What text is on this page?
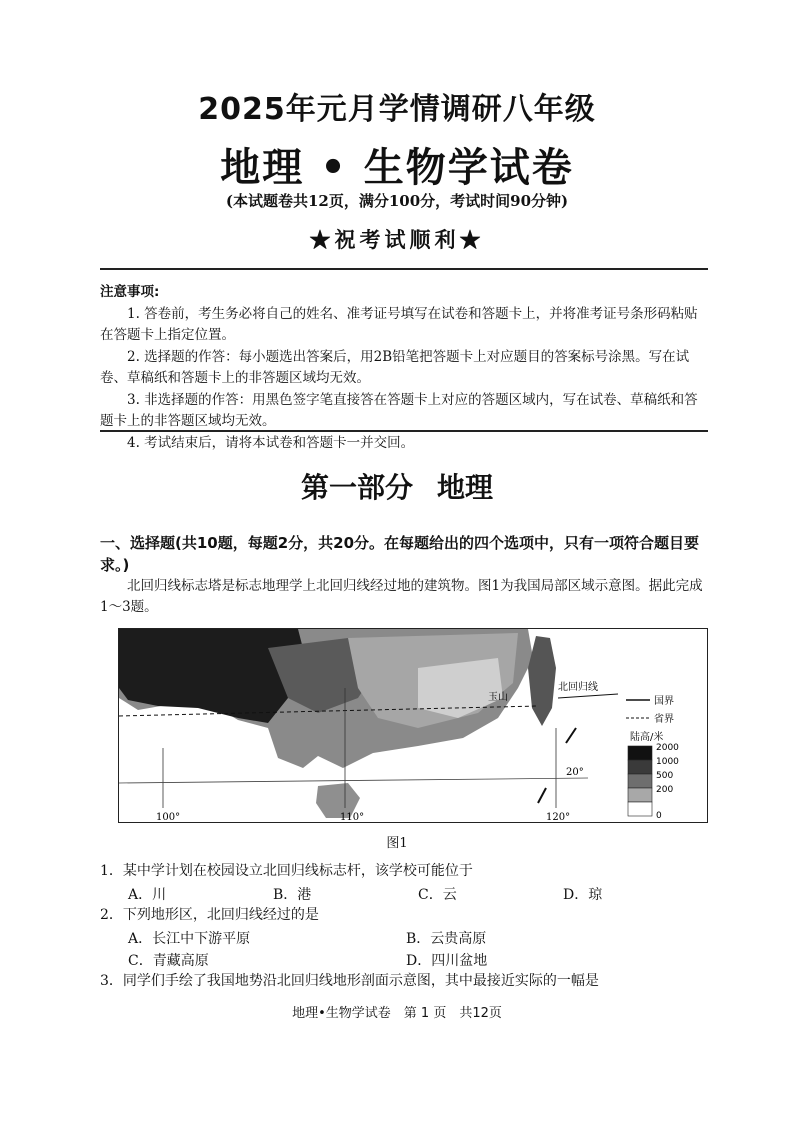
2025年元月学情调研八年级
地理 • 生物学试卷
(本试题卷共12页，满分100分，考试时间90分钟)
★祝考试顺利★
注意事项:
1. 答卷前，考生务必将自己的姓名、准考证号填写在试卷和答题卡上，并将准考证号条形码粘贴在答题卡上指定位置。
2. 选择题的作答：每小题选出答案后，用2B铅笔把答题卡上对应题目的答案标号涂黑。写在试卷、草稿纸和答题卡上的非答题区域均无效。
3. 非选择题的作答：用黑色签字笔直接答在答题卡上对应的答题区域内，写在试卷、草稿纸和答题卡上的非答题区域均无效。
4. 考试结束后，请将本试卷和答题卡一并交回。
第一部分 地理
一、选择题(共10题，每题2分，共20分。在每题给出的四个选项中，只有一项符合题目要求。)
北回归线标志塔是标志地理学上北回归线经过地的建筑物。图1为我国局部区域示意图。据此完成1～3题。
100°	110°	120°
20°
玉山
北回归线
国界
省界
陆高/米
2000
1000
500
200
0
图1
1．某中学计划在校园设立北回归线标志杆，该学校可能位于
A．川	B．港	C．云	D．琼
2．下列地形区，北回归线经过的是
A．长江中下游平原	B．云贵高原
C．青藏高原	D．四川盆地
3．同学们手绘了我国地势沿北回归线地形剖面示意图，其中最接近实际的一幅是
地理•生物学试卷　第 1 页　共12页
